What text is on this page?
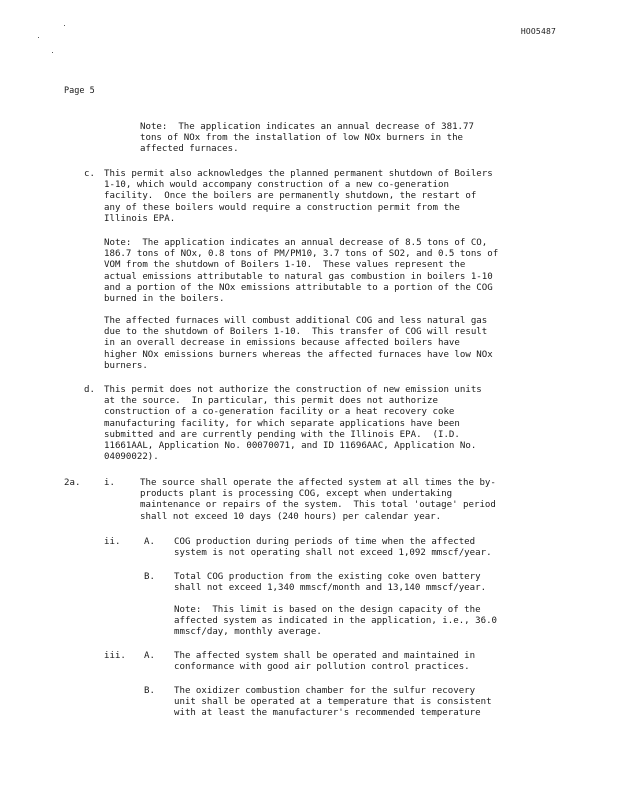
HOO5487
Page 5
Note:  The application indicates an annual decrease of 381.77
tons of NOx from the installation of low NOx burners in the
affected furnaces.
c. This permit also acknowledges the planned permanent shutdown of Boilers
1-10, which would accompany construction of a new co-generation
facility.  Once the boilers are permanently shutdown, the restart of
any of these boilers would require a construction permit from the
Illinois EPA.
Note:  The application indicates an annual decrease of 8.5 tons of CO,
186.7 tons of NOx, 0.8 tons of PM/PM10, 3.7 tons of SO2, and 0.5 tons of
VOM from the shutdown of Boilers 1-10.  These values represent the
actual emissions attributable to natural gas combustion in boilers 1-10
and a portion of the NOx emissions attributable to a portion of the COG
burned in the boilers.
The affected furnaces will combust additional COG and less natural gas
due to the shutdown of Boilers 1-10.  This transfer of COG will result
in an overall decrease in emissions because affected boilers have
higher NOx emissions burners whereas the affected furnaces have low NOx
burners.
d. This permit does not authorize the construction of new emission units
at the source.  In particular, this permit does not authorize
construction of a co-generation facility or a heat recovery coke
manufacturing facility, for which separate applications have been
submitted and are currently pending with the Illinois EPA.  (I.D.
11661AAL, Application No. 00070071, and ID 11696AAC, Application No.
04090022).
2a.	i.	The source shall operate the affected system at all times the by-
products plant is processing COG, except when undertaking
maintenance or repairs of the system.  This total 'outage' period
shall not exceed 10 days (240 hours) per calendar year.
ii.	A. COG production during periods of time when the affected
system is not operating shall not exceed 1,092 mmscf/year.
B. Total COG production from the existing coke oven battery
shall not exceed 1,340 mmscf/month and 13,140 mmscf/year.
Note:  This limit is based on the design capacity of the
affected system as indicated in the application, i.e., 36.0
mmscf/day, monthly average.
iii. A. The affected system shall be operated and maintained in
conformance with good air pollution control practices.
B. The oxidizer combustion chamber for the sulfur recovery
unit shall be operated at a temperature that is consistent
with at least the manufacturer's recommended temperature
